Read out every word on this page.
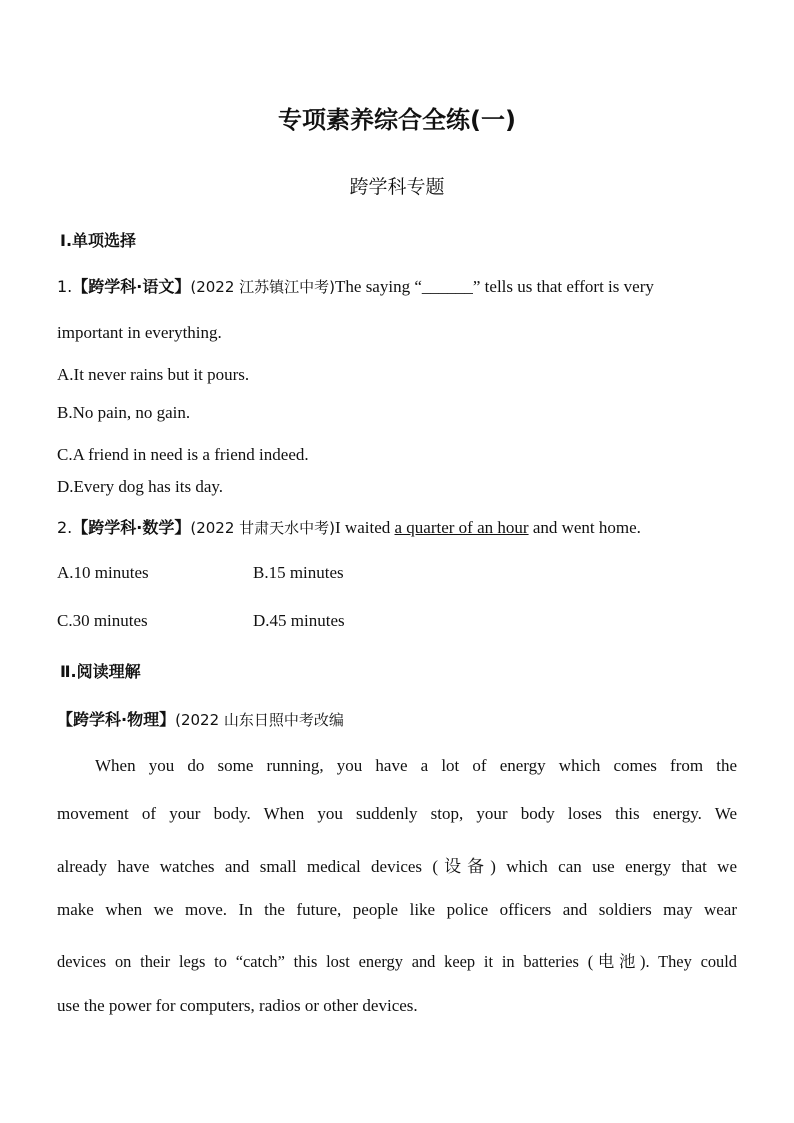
专项素养综合全练(一)
跨学科专题
Ⅰ.单项选择
1.【跨学科·语文】(2022 江苏镇江中考)The saying “______” tells us that effort is very
important in everything.
A.It never rains but it pours.
B.No pain, no gain.
C.A friend in need is a friend indeed.
D.Every dog has its day.
2.【跨学科·数学】(2022 甘肃天水中考)I waited a quarter of an hour and went home.
A.10 minutes	B.15 minutes
C.30 minutes	D.45 minutes
Ⅱ.阅读理解
【跨学科·物理】(2022 山东日照中考改编
When you do some running, you have a lot of energy which comes from the
movement of your body. When you suddenly stop, your body loses this energy. We
already have watches and small medical devices (设备) which can use energy that we
make when we move. In the future, people like police officers and soldiers may wear
devices on their legs to “catch” this lost energy and keep it in batteries (电池). They could
use the power for computers, radios or other devices.
